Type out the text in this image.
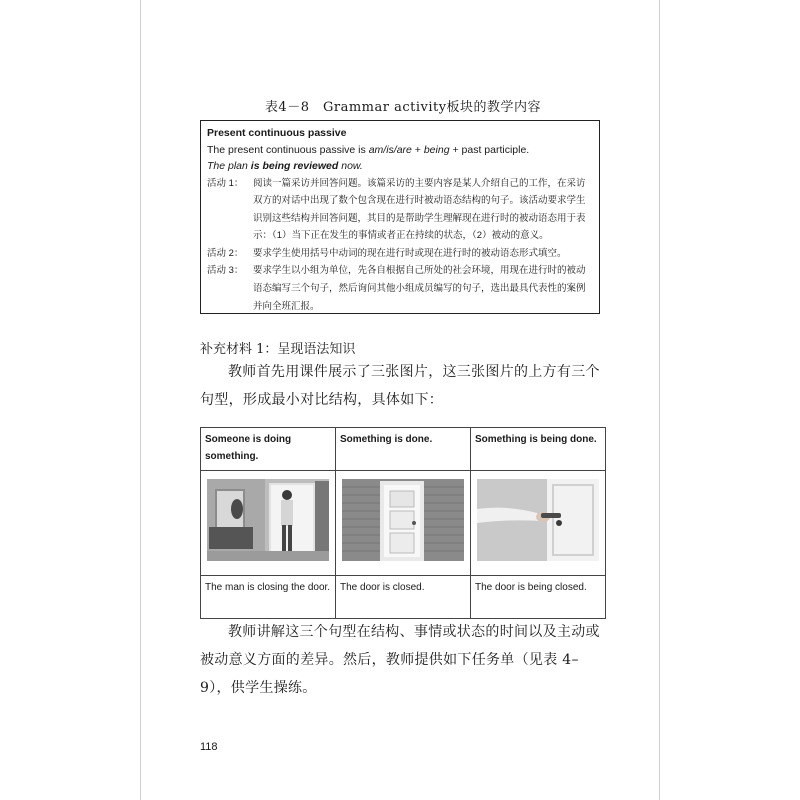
表4－8　Grammar activity板块的教学内容
Present continuous passive
The present continuous passive is am/is/are + being + past participle.
The plan is being reviewed now.
活动 1：	阅读一篇采访并回答问题。该篇采访的主要内容是某人介绍自己的工作，在采访双方的对话中出现了数个包含现在进行时被动语态结构的句子。该活动要求学生识别这些结构并回答问题，其目的是帮助学生理解现在进行时的被动语态用于表示：（1）当下正在发生的事情或者正在持续的状态，（2）被动的意义。
活动 2：	要求学生使用括号中动词的现在进行时或现在进行时的被动语态形式填空。
活动 3：	要求学生以小组为单位，先各自根据自己所处的社会环境，用现在进行时的被动语态编写三个句子，然后询问其他小组成员编写的句子，选出最具代表性的案例并向全班汇报。
补充材料 1：呈现语法知识
教师首先用课件展示了三张图片，这三张图片的上方有三个句型，形成最小对比结构，具体如下：
Someone is doing something.	Something is done.	Something is being done.

The man is closing the door.	The door is closed.	The door is being closed.
教师讲解这三个句型在结构、事情或状态的时间以及主动或被动意义方面的差异。然后，教师提供如下任务单（见表 4–9），供学生操练。
118
